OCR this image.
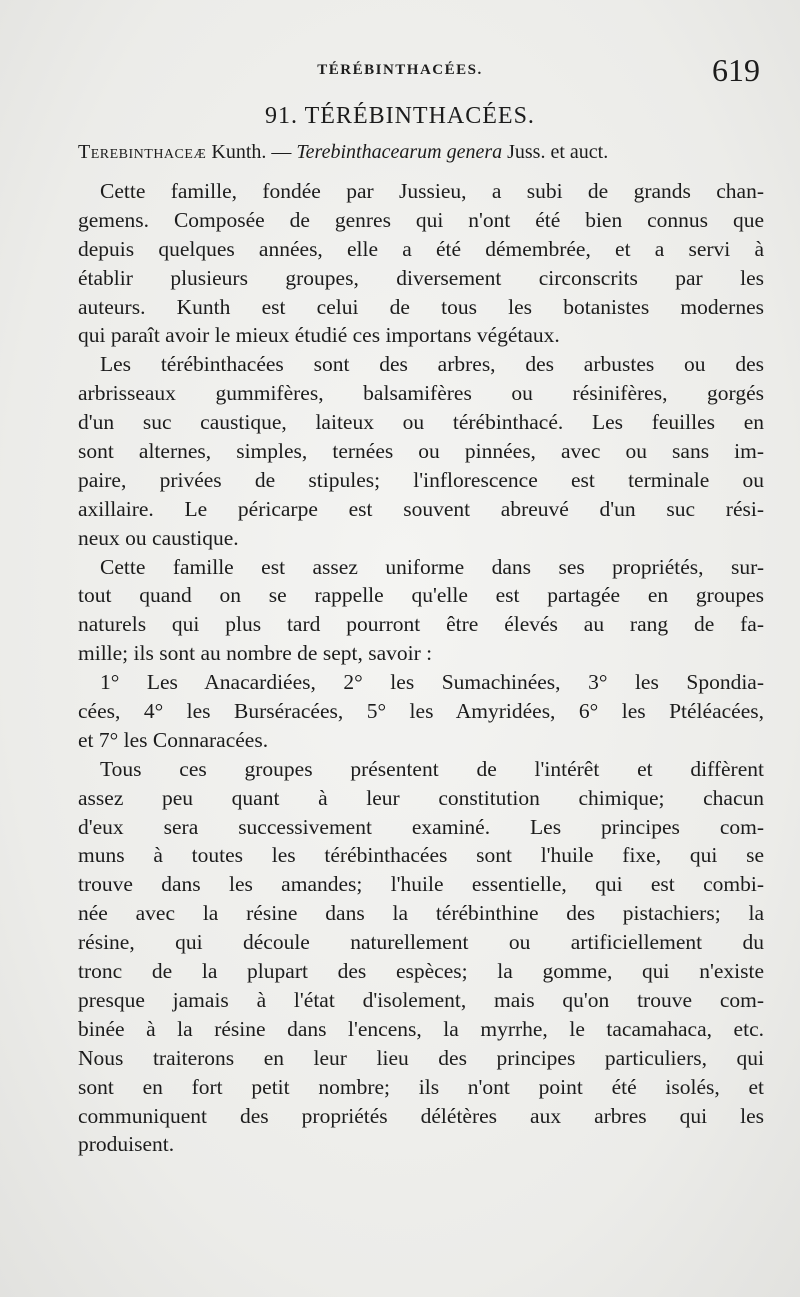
TÉRÉBINTHACÉES.	619
91. TÉRÉBINTHACÉES.
Terebinthaceæ Kunth. — Terebinthacearum genera Juss. et auct.
Cette famille, fondée par Jussieu, a subi de grands chan-
gemens. Composée de genres qui n'ont été bien connus que
depuis quelques années, elle a été démembrée, et a servi à
établir plusieurs groupes, diversement circonscrits par les
auteurs. Kunth est celui de tous les botanistes modernes
qui paraît avoir le mieux étudié ces importans végétaux.
Les térébinthacées sont des arbres, des arbustes ou des
arbrisseaux gummifères, balsamifères ou résinifères, gorgés
d'un suc caustique, laiteux ou térébinthacé. Les feuilles en
sont alternes, simples, ternées ou pinnées, avec ou sans im-
paire, privées de stipules; l'inflorescence est terminale ou
axillaire. Le péricarpe est souvent abreuvé d'un suc rési-
neux ou caustique.
Cette famille est assez uniforme dans ses propriétés, sur-
tout quand on se rappelle qu'elle est partagée en groupes
naturels qui plus tard pourront être élevés au rang de fa-
mille; ils sont au nombre de sept, savoir :
1° Les Anacardiées, 2° les Sumachinées, 3° les Spondia-
cées, 4° les Burséracées, 5° les Amyridées, 6° les Ptéléacées,
et 7° les Connaracées.
Tous ces groupes présentent de l'intérêt et diffèrent
assez peu quant à leur constitution chimique; chacun
d'eux sera successivement examiné. Les principes com-
muns à toutes les térébinthacées sont l'huile fixe, qui se
trouve dans les amandes; l'huile essentielle, qui est combi-
née avec la résine dans la térébinthine des pistachiers; la
résine, qui découle naturellement ou artificiellement du
tronc de la plupart des espèces; la gomme, qui n'existe
presque jamais à l'état d'isolement, mais qu'on trouve com-
binée à la résine dans l'encens, la myrrhe, le tacamahaca, etc.
Nous traiterons en leur lieu des principes particuliers, qui
sont en fort petit nombre; ils n'ont point été isolés, et
communiquent des propriétés délétères aux arbres qui les
produisent.
